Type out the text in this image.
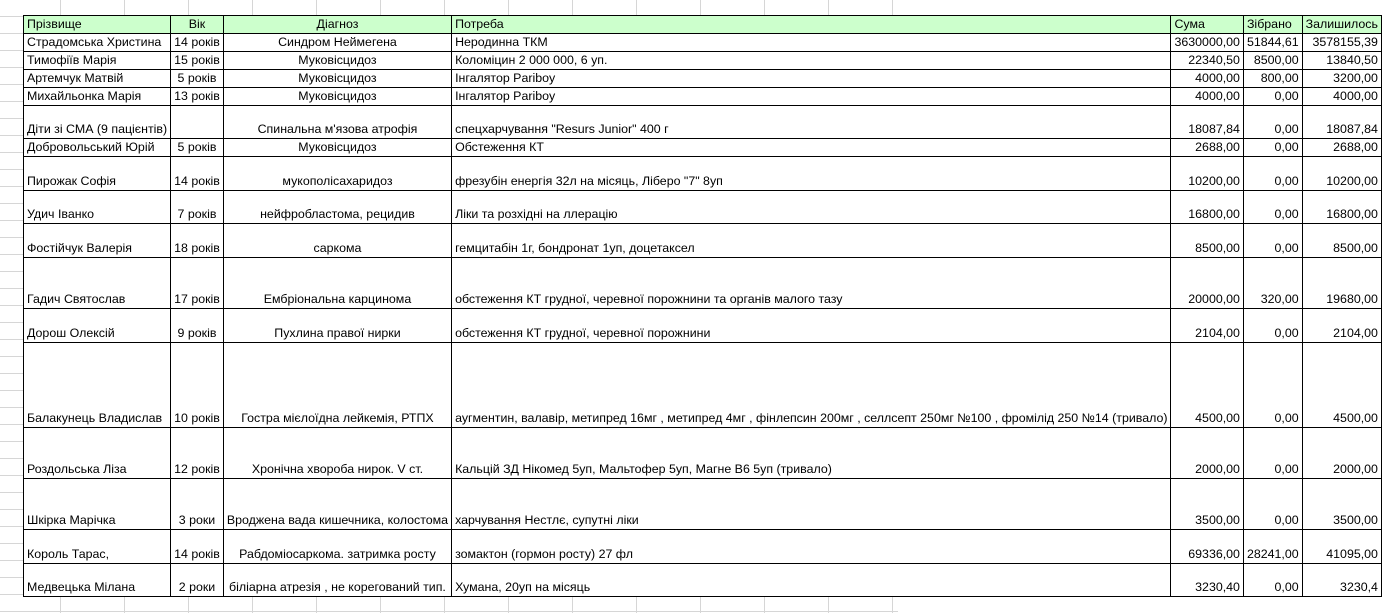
Прізвище	Вік	Діагноз	Потреба	Сума	Зібрано	Залишилось
Страдомська Христина	14 років	Синдром Неймегена	Неродинна ТКМ	3630000,00	51844,61	3578155,39
Тимофіїв Марія	15 років	Муковісцидоз	Коломіцин 2 000 000, 6 уп.	22340,50	8500,00	13840,50
Артемчук Матвій	5 років	Муковісцидоз	Інгалятор Pariboy	4000,00	800,00	3200,00
Михайльонка Марія	13 років	Муковісцидоз	Інгалятор Pariboy	4000,00	0,00	4000,00
Діти зі СМА (9 пацієнтів)		Спинальна м'язова атрофія	спецхарчування "Resurs Junior" 400 г	18087,84	0,00	18087,84
Добровольський Юрій	5 років	Муковісцидоз	Обстеження КТ	2688,00	0,00	2688,00
Пирожак Софія	14 років	мукополісахаридоз	фрезубін енергія 32л на місяць, Ліберо "7" 8уп	10200,00	0,00	10200,00
Удич Іванко	7 років	нейфробластома, рецидив	Ліки та розхідні на ллерацію	16800,00	0,00	16800,00
Фостійчук Валерія	18 років	саркома	гемцитабін 1г, бондронат 1уп, доцетаксел	8500,00	0,00	8500,00
Гадич Святослав	17 років	Ембріональна карцинома	обстеження КТ грудної, черевної порожнини та органів малого тазу	20000,00	320,00	19680,00
Дорош Олексій	9 років	Пухлина правої нирки	обстеження КТ грудної, черевної порожнини	2104,00	0,00	2104,00
Балакунець Владислав	10 років	Гостра мієлоїдна лейкемія, РТПХ	аугментин, валавір, метипред 16мг , метипред 4мг , фінлепсин 200мг , селлсепт 250мг №100 , фромілід 250 №14 (тривало)	4500,00	0,00	4500,00
Роздольська Ліза	12 років	Хронічна хвороба нирок. V ст.	Кальцій ЗД Нікомед 5уп, Мальтофер 5уп, Магне В6 5уп (тривало)	2000,00	0,00	2000,00
Шкірка Марічка	3 роки	Вроджена вада кишечника, колостома	харчування Нестлє, супутні ліки	3500,00	0,00	3500,00
Король Тарас,	14 років	Рабдоміосаркома. затримка росту	зомактон (гормон росту) 27 фл	69336,00	28241,00	41095,00
Медвецька Мілана	2 роки	біліарна атрезія , не корегований тип.	Хумана, 20уп на місяць	3230,40	0,00	3230,4
